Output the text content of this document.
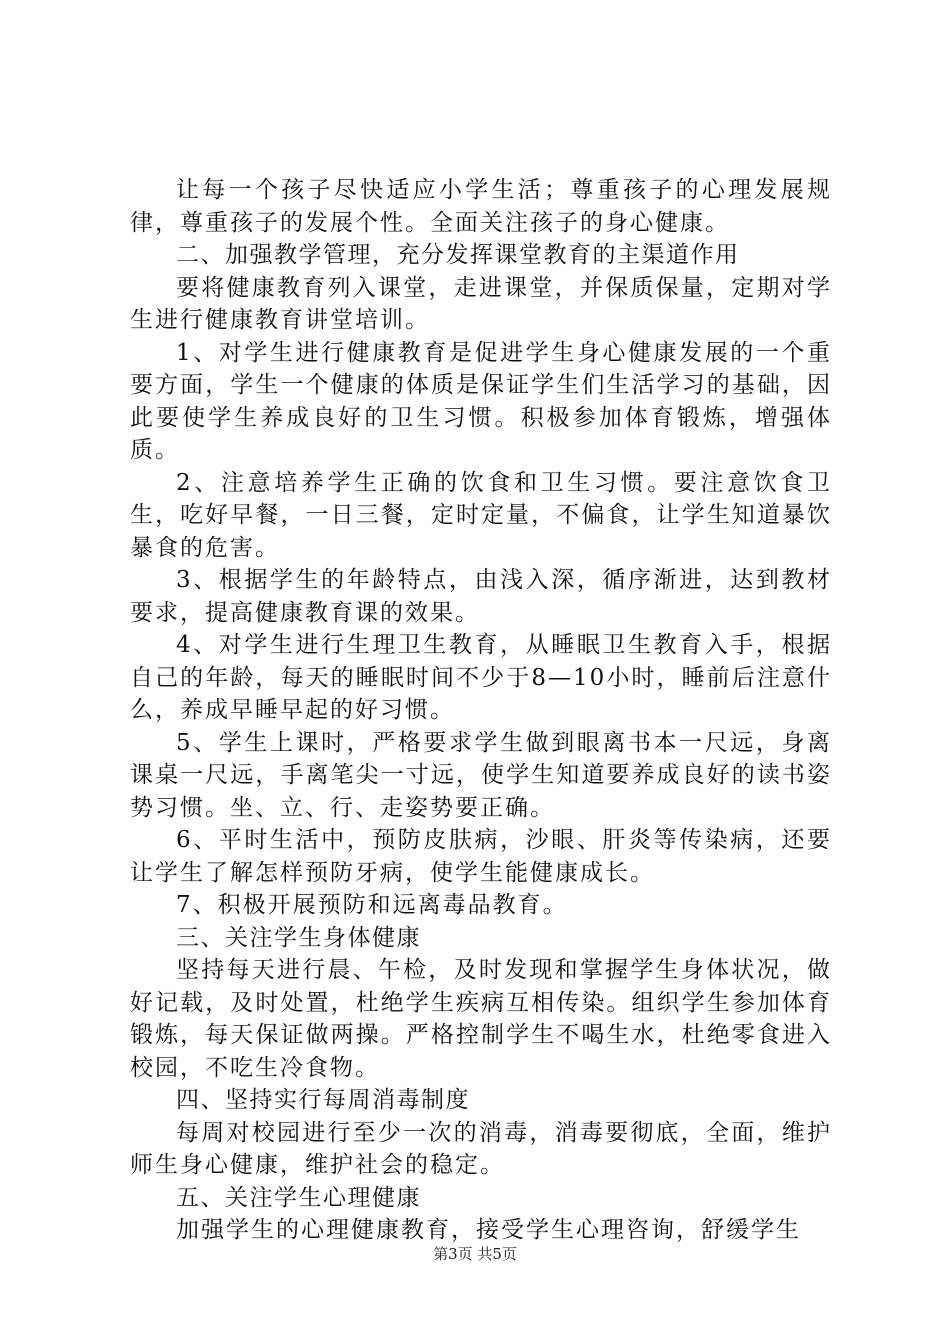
让每一个孩子尽快适应小学生活；尊重孩子的心理发展规律，尊重孩子的发展个性。全面关注孩子的身心健康。

二、加强教学管理，充分发挥课堂教育的主渠道作用

要将健康教育列入课堂，走进课堂，并保质保量，定期对学生进行健康教育讲堂培训。

1、对学生进行健康教育是促进学生身心健康发展的一个重要方面，学生一个健康的体质是保证学生们生活学习的基础，因此要使学生养成良好的卫生习惯。积极参加体育锻炼，增强体质。

2、注意培养学生正确的饮食和卫生习惯。要注意饮食卫生，吃好早餐，一日三餐，定时定量，不偏食，让学生知道暴饮暴食的危害。

3、根据学生的年龄特点，由浅入深，循序渐进，达到教材要求，提高健康教育课的效果。

4、对学生进行生理卫生教育，从睡眠卫生教育入手，根据自己的年龄，每天的睡眠时间不少于8—10小时，睡前后注意什么，养成早睡早起的好习惯。

5、学生上课时，严格要求学生做到眼离书本一尺远，身离课桌一尺远，手离笔尖一寸远，使学生知道要养成良好的读书姿势习惯。坐、立、行、走姿势要正确。

6、平时生活中，预防皮肤病，沙眼、肝炎等传染病，还要让学生了解怎样预防牙病，使学生能健康成长。

7、积极开展预防和远离毒品教育。

三、关注学生身体健康

坚持每天进行晨、午检，及时发现和掌握学生身体状况，做好记载，及时处置，杜绝学生疾病互相传染。组织学生参加体育锻炼，每天保证做两操。严格控制学生不喝生水，杜绝零食进入校园，不吃生冷食物。

四、坚持实行每周消毒制度

每周对校园进行至少一次的消毒，消毒要彻底，全面，维护师生身心健康，维护社会的稳定。

五、关注学生心理健康

加强学生的心理健康教育，接受学生心理咨询，舒缓学生

第3页 共5页
